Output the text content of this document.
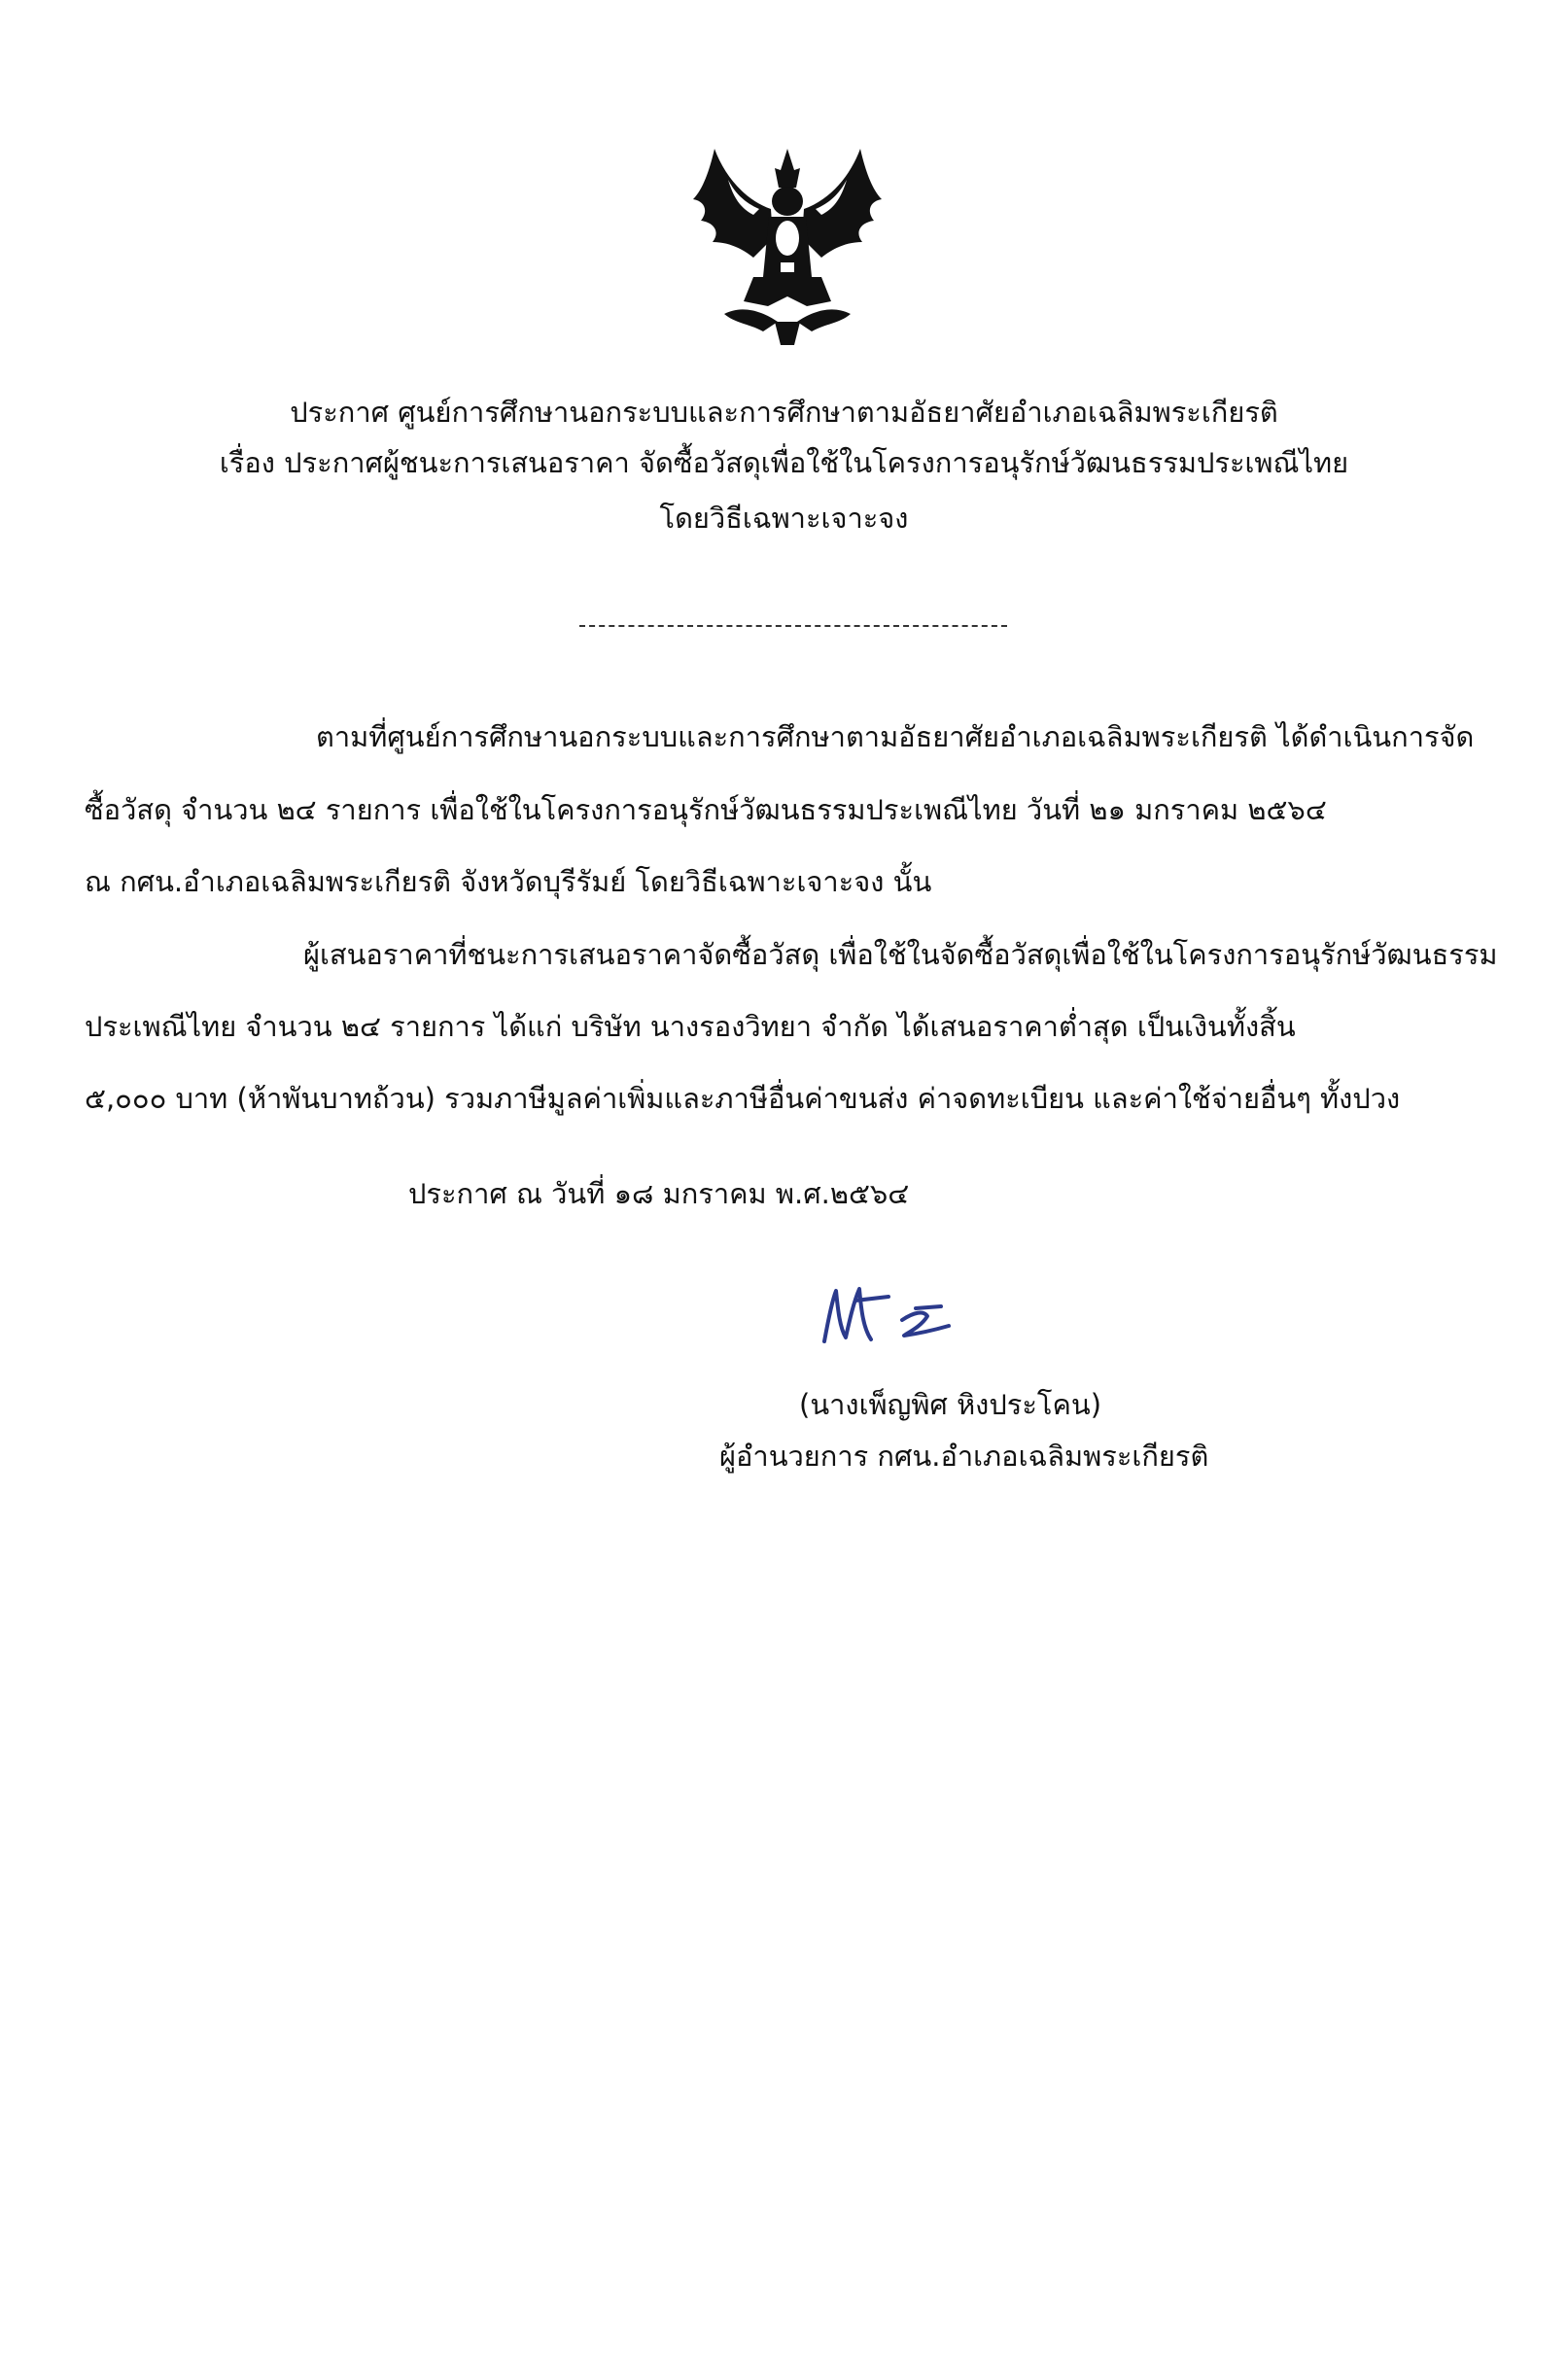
ประกาศ ศูนย์การศึกษานอกระบบและการศึกษาตามอัธยาศัยอำเภอเฉลิมพระเกียรติ
เรื่อง ประกาศผู้ชนะการเสนอราคา จัดซื้อวัสดุเพื่อใช้ในโครงการอนุรักษ์วัฒนธรรมประเพณีไทย
โดยวิธีเฉพาะเจาะจง
ตามที่ศูนย์การศึกษานอกระบบและการศึกษาตามอัธยาศัยอำเภอเฉลิมพระเกียรติ ได้ดำเนินการจัด
ซื้อวัสดุ จำนวน ๒๔ รายการ เพื่อใช้ในโครงการอนุรักษ์วัฒนธรรมประเพณีไทย วันที่ ๒๑ มกราคม ๒๕๖๔
ณ กศน.อำเภอเฉลิมพระเกียรติ จังหวัดบุรีรัมย์ โดยวิธีเฉพาะเจาะจง นั้น
ผู้เสนอราคาที่ชนะการเสนอราคาจัดซื้อวัสดุ เพื่อใช้ในจัดซื้อวัสดุเพื่อใช้ในโครงการอนุรักษ์วัฒนธรรม
ประเพณีไทย จำนวน ๒๔ รายการ ได้แก่ บริษัท นางรองวิทยา จำกัด ได้เสนอราคาต่ำสุด เป็นเงินทั้งสิ้น
๕,๐๐๐ บาท (ห้าพันบาทถ้วน) รวมภาษีมูลค่าเพิ่มและภาษีอื่นค่าขนส่ง ค่าจดทะเบียน และค่าใช้จ่ายอื่นๆ ทั้งปวง
ประกาศ ณ วันที่ ๑๘ มกราคม พ.ศ.๒๕๖๔
(นางเพ็ญพิศ หิงประโคน)
ผู้อำนวยการ กศน.อำเภอเฉลิมพระเกียรติ
